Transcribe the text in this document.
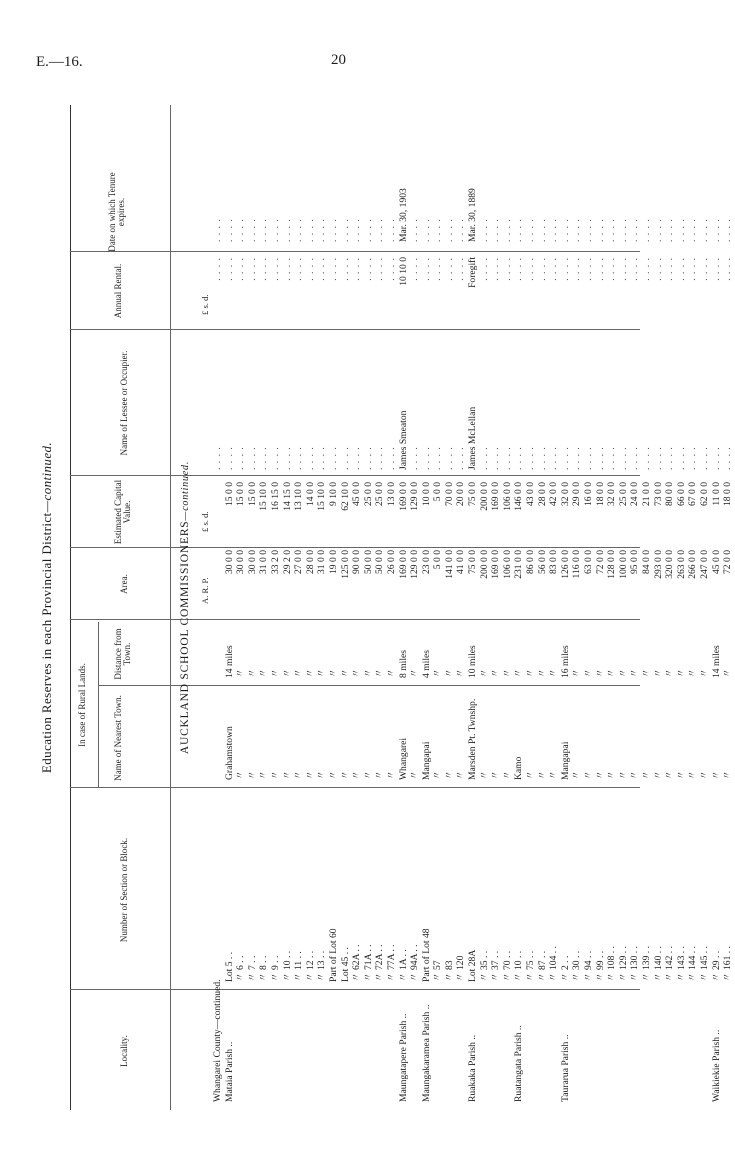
E.—16.	20
Education Reserves in each Provincial District—continued.
Locality.
Number of Section or Block.
In case of Rural Lands.	Name of Nearest Town.
Distance from Town.
Area.
Estimated Capital Value.
Name of Lessee or Occupier.
Annual Rental.
Date on which Tenure expires.
AUCKLAND SCHOOL COMMISSIONERS—continued.
A. R. P.
£ s. d.
£ s. d.
Whangarei County—continued.
. . . .
. . . .
. . . .
Mataia Parish ..
Lot 5 . .
Grahamstown
14 miles
30 0 0
15 0 0
. . . .
. . . .
. . . .
〃 6 . .
〃
〃
30 0 0
15 0 0
. . . .
. . . .
. . . .
〃 7 . .
〃
〃
30 0 0
15 0 0
. . . .
. . . .
. . . .
〃 8 . .
〃
〃
31 0 0
15 10 0
. . . .
. . . .
. . . .
〃 9 . .
〃
〃
33 2 0
16 15 0
. . . .
. . . .
. . . .
〃 10 . .
〃
〃
29 2 0
14 15 0
. . . .
. . . .
. . . .
〃 11 . .
〃
〃
27 0 0
13 10 0
. . . .
. . . .
. . . .
〃 12 . .
〃
〃
28 0 0
14 0 0
. . . .
. . . .
. . . .
〃 13 . .
〃
〃
31 0 0
15 10 0
. . . .
. . . .
. . . .
Part of Lot 60
〃
〃
19 0 0
9 10 0
. . . .
. . . .
. . . .
Lot 45 . .
〃
〃
125 0 0
62 10 0
. . . .
. . . .
. . . .
〃 62A . .
〃
〃
90 0 0
45 0 0
. . . .
. . . .
. . . .
〃 71A . .
〃
〃
50 0 0
25 0 0
. . . .
. . . .
. . . .
〃 72A . .
〃
〃
50 0 0
25 0 0
. . . .
. . . .
. . . .
〃 77A . .
〃
〃
26 0 0
13 0 0
. . . .
. . . .
. . . .
Maungatapere Parish ..
〃 1A . .
Whangarei
8 miles
169 0 0
169 0 0
James Smeaton
10 10 0
Mar. 30, 1903
〃 94A . .
〃
〃
129 0 0
129 0 0
. . . .
. . . .
. . . .
Maungakaramea Parish ..
Part of Lot 48
Mangapai
4 miles
23 0 0
10 0 0
. . . .
. . . .
. . . .
〃 57
〃
〃
5 0 0
5 0 0
. . . .
. . . .
. . . .
〃 83
〃
〃
141 0 0
70 0 0
. . . .
. . . .
. . . .
〃 120
〃
〃
41 0 0
20 0 0
. . . .
. . . .
. . . .
Ruakaka Parish ..
Lot 28A
Marsden Pt. Twnshp.
10 miles
75 0 0
75 0 0
James McLellan
Foregift
Mar. 30, 1889
〃 35 . .
〃
〃
200 0 0
200 0 0
. . . .
. . . .
. . . .
〃 37 . .
〃
〃
169 0 0
169 0 0
. . . .
. . . .
. . . .
〃 70 . .
〃
〃
106 0 0
106 0 0
. . . .
. . . .
. . . .
Ruatangata Parish ..
〃 10 . .
Kamo
〃
231 0 0
146 0 0
. . . .
. . . .
. . . .
〃 75 . .
〃
〃
86 0 0
43 0 0
. . . .
. . . .
. . . .
〃 87 . .
〃
〃
56 0 0
28 0 0
. . . .
. . . .
. . . .
〃 104 . .
〃
〃
83 0 0
42 0 0
. . . .
. . . .
. . . .
Taurarua Parish ..
〃 2 . .
Mangapai
16 miles
126 0 0
32 0 0
. . . .
. . . .
. . . .
〃 30 . .
〃
〃
116 0 0
29 0 0
. . . .
. . . .
. . . .
〃 94 . .
〃
〃
63 0 0
16 0 0
. . . .
. . . .
. . . .
〃 99 . .
〃
〃
72 0 0
18 0 0
. . . .
. . . .
. . . .
〃 108 . .
〃
〃
128 0 0
32 0 0
. . . .
. . . .
. . . .
〃 129 . .
〃
〃
100 0 0
25 0 0
. . . .
. . . .
. . . .
〃 130 . .
〃
〃
95 0 0
24 0 0
. . . .
. . . .
. . . .
〃 139 . .
〃
〃
84 0 0
21 0 0
. . . .
. . . .
. . . .
〃 140 . .
〃
〃
293 0 0
73 0 0
. . . .
. . . .
. . . .
〃 142 . .
〃
〃
320 0 0
80 0 0
. . . .
. . . .
. . . .
〃 143 . .
〃
〃
263 0 0
66 0 0
. . . .
. . . .
. . . .
〃 144 . .
〃
〃
266 0 0
67 0 0
. . . .
. . . .
. . . .
〃 145 . .
〃
〃
247 0 0
62 0 0
. . . .
. . . .
. . . .
Waikiekie Parish ..
〃 29 . .
〃
14 miles
45 0 0
11 0 0
. . . .
. . . .
. . . .
〃 161 . .
〃
〃
72 0 0
18 0 0
. . . .
. . . .
. . . .
